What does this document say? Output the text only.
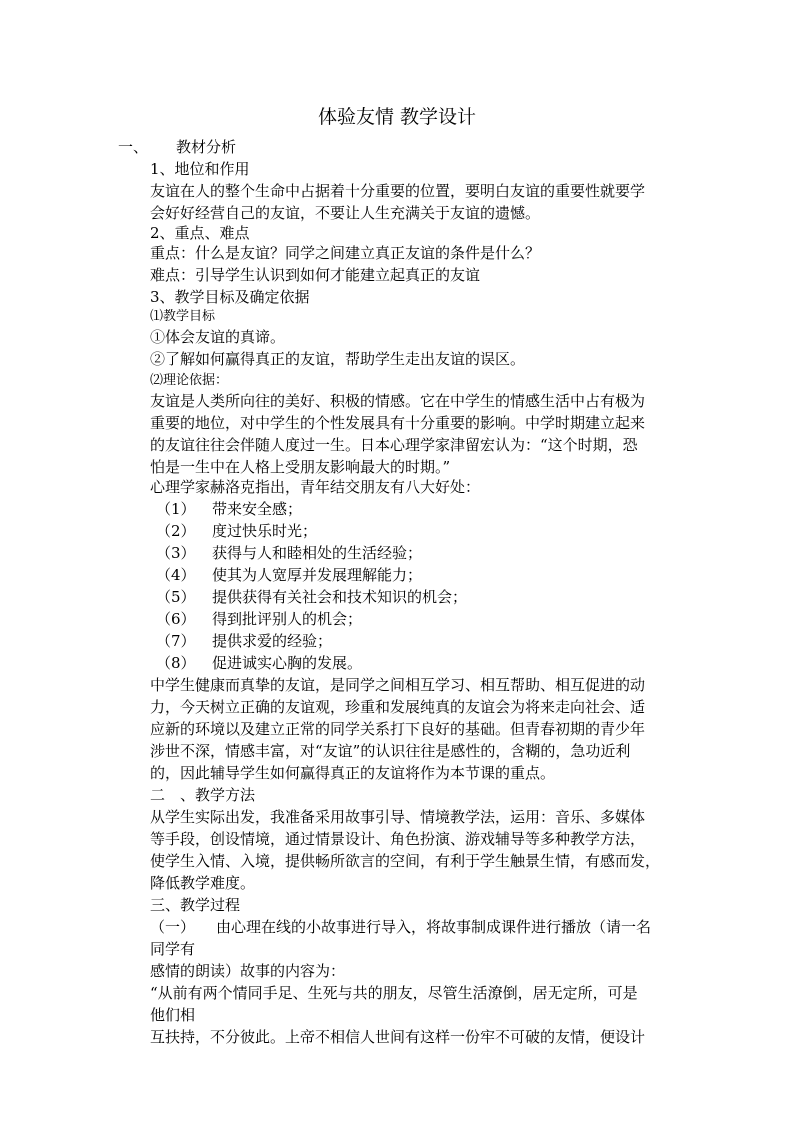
体验友情 教学设计
一、 教材分析
1、地位和作用
友谊在人的整个生命中占据着十分重要的位置，要明白友谊的重要性就要学
会好好经营自己的友谊，不要让人生充满关于友谊的遗憾。
2、重点、难点
重点：什么是友谊？同学之间建立真正友谊的条件是什么？
难点：引导学生认识到如何才能建立起真正的友谊
3、教学目标及确定依据
⑴教学目标
①体会友谊的真谛。
②了解如何赢得真正的友谊，帮助学生走出友谊的误区。
⑵理论依据：
友谊是人类所向往的美好、积极的情感。它在中学生的情感生活中占有极为
重要的地位，对中学生的个性发展具有十分重要的影响。中学时期建立起来
的友谊往往会伴随人度过一生。日本心理学家津留宏认为：“这个时期，恐
怕是一生中在人格上受朋友影响最大的时期。”
心理学家赫洛克指出，青年结交朋友有八大好处：
（1） 带来安全感；
（2） 度过快乐时光；
（3） 获得与人和睦相处的生活经验；
（4） 使其为人宽厚并发展理解能力；
（5） 提供获得有关社会和技术知识的机会；
（6） 得到批评别人的机会；
（7） 提供求爱的经验；
（8） 促进诚实心胸的发展。
中学生健康而真挚的友谊，是同学之间相互学习、相互帮助、相互促进的动
力，今天树立正确的友谊观，珍重和发展纯真的友谊会为将来走向社会、适
应新的环境以及建立正常的同学关系打下良好的基础。但青春初期的青少年
涉世不深，情感丰富，对“友谊”的认识往往是感性的，含糊的，急功近利
的，因此辅导学生如何赢得真正的友谊将作为本节课的重点。
二　、教学方法
从学生实际出发，我准备采用故事引导、情境教学法，运用：音乐、多媒体
等手段，创设情境，通过情景设计、角色扮演、游戏辅导等多种教学方法，
使学生入情、入境，提供畅所欲言的空间，有利于学生触景生情，有感而发，
降低教学难度。
三、教学过程
（一） 由心理在线的小故事进行导入，将故事制成课件进行播放（请一名
同学有
感情的朗读）故事的内容为：
“从前有两个情同手足、生死与共的朋友，尽管生活潦倒，居无定所，可是
他们相
互扶持，不分彼此。上帝不相信人世间有这样一份牢不可破的友情，便设计
